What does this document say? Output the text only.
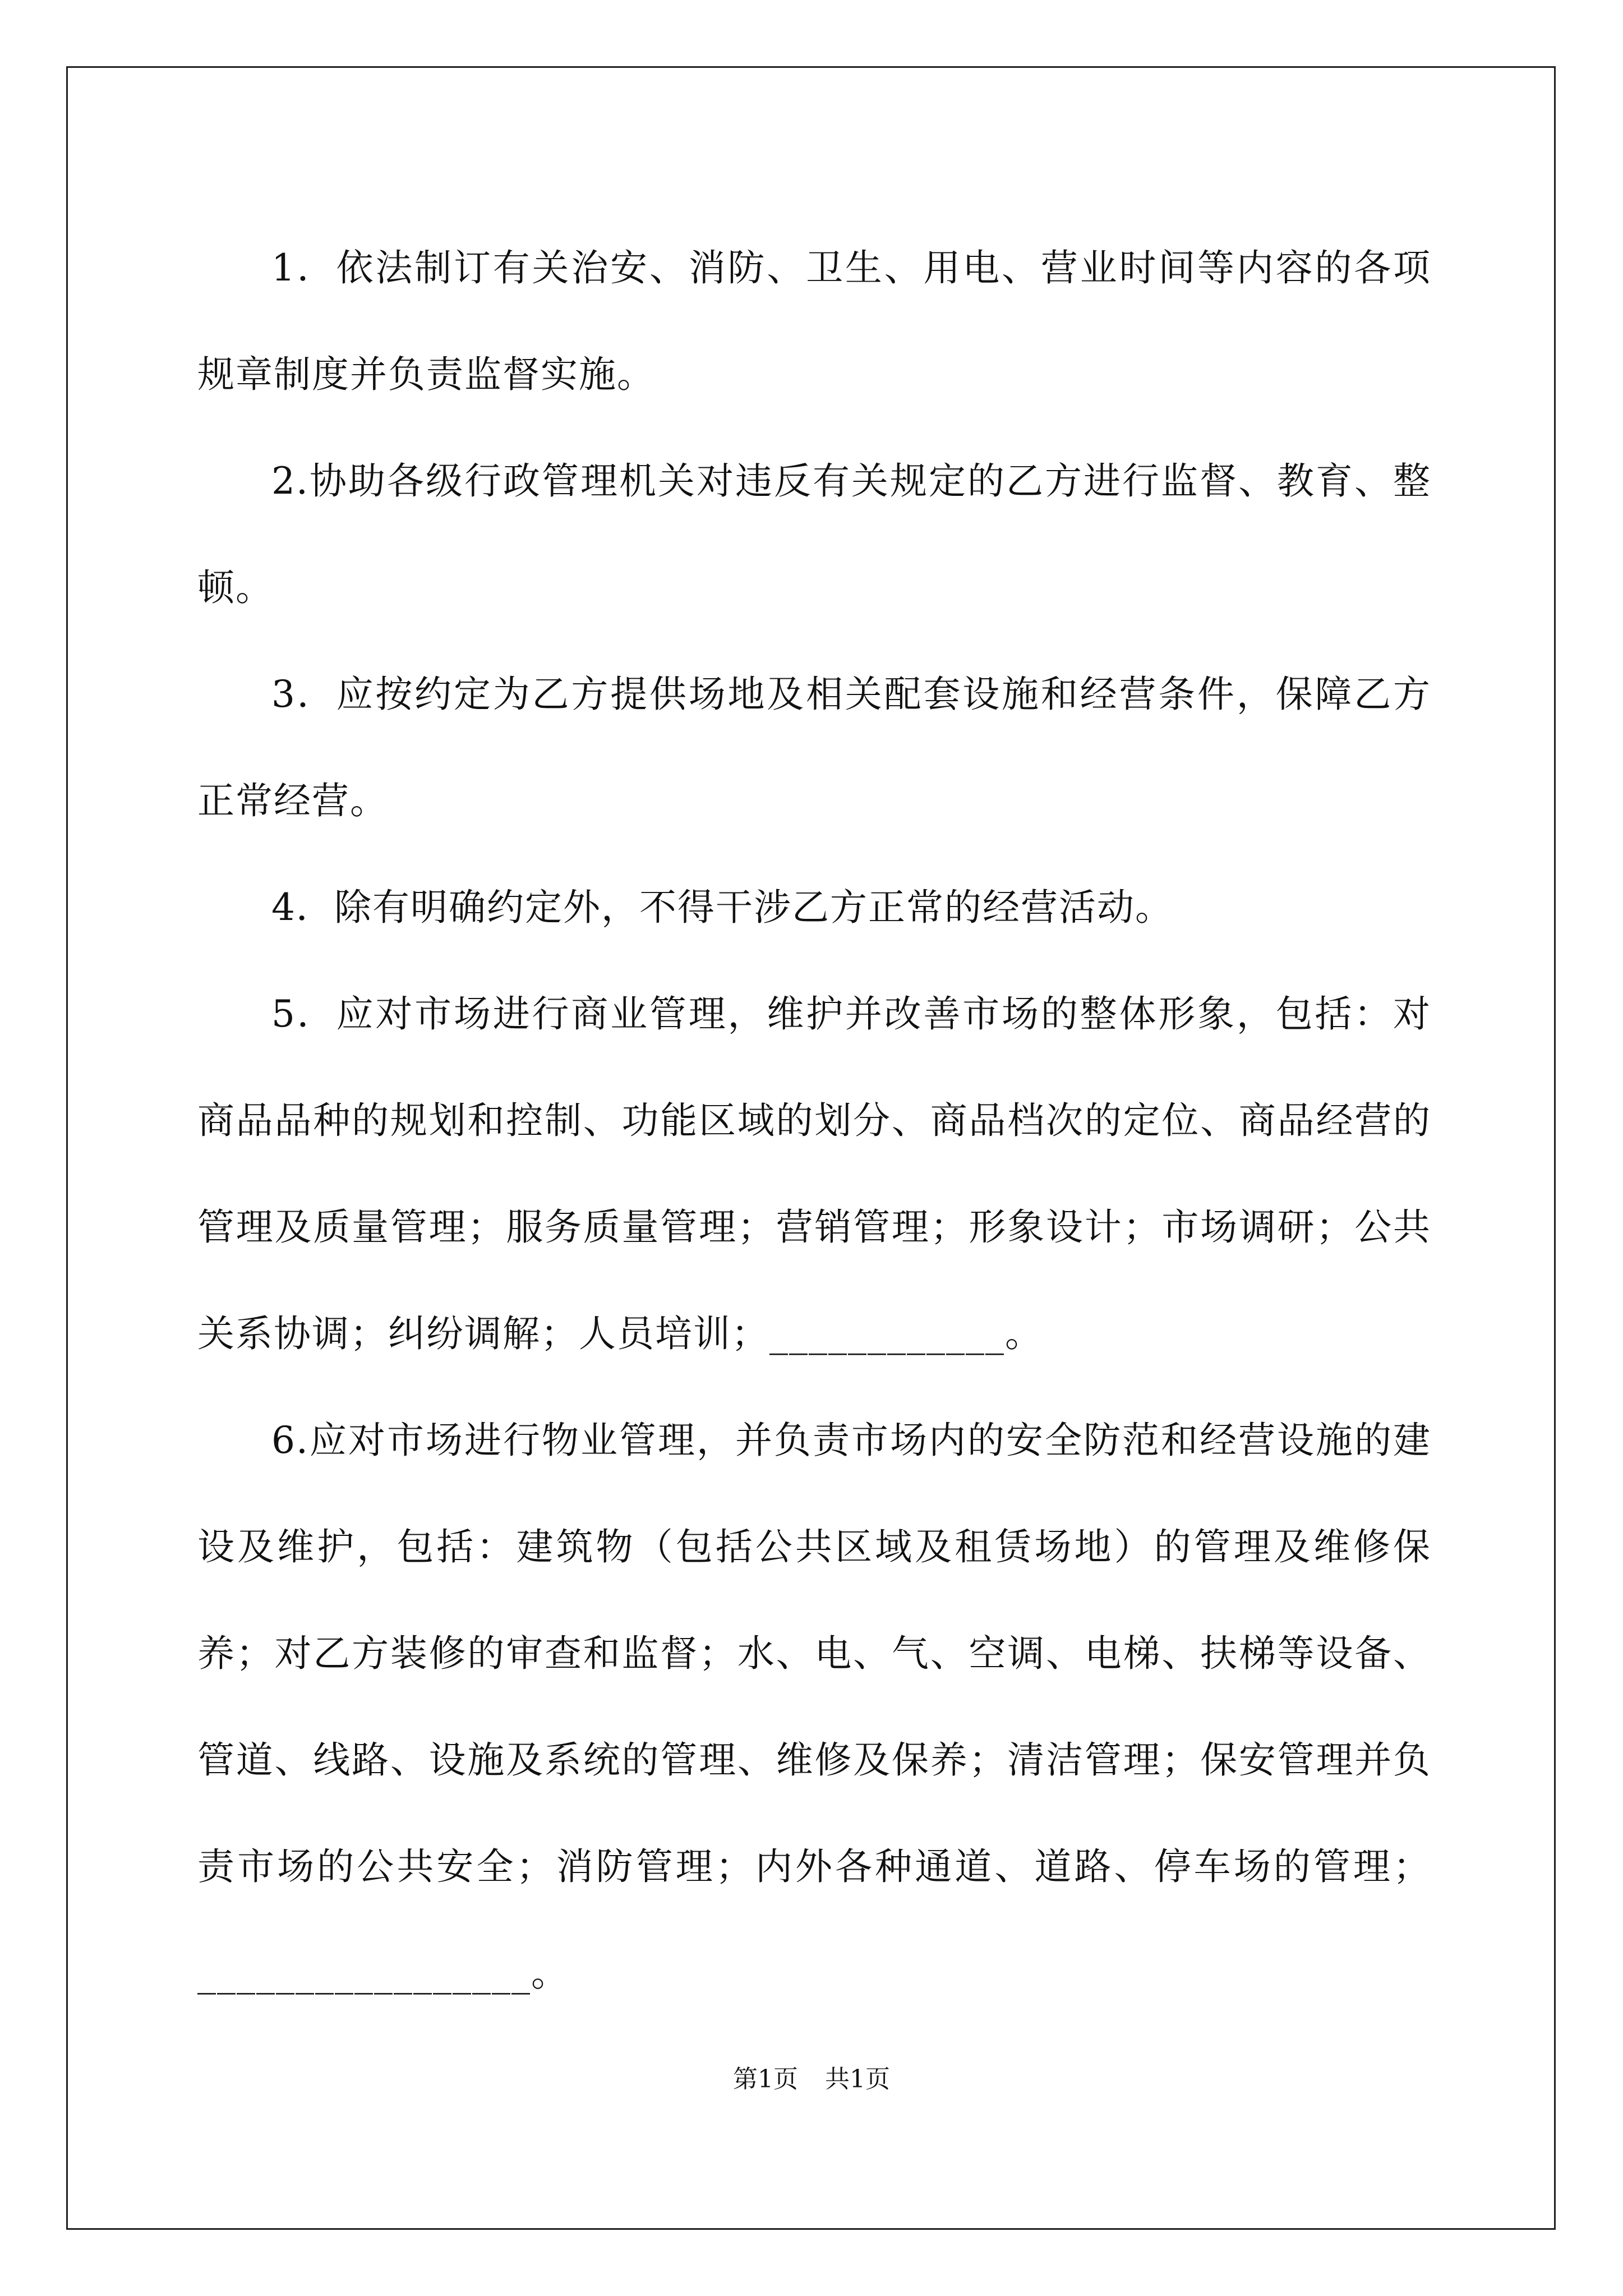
1．依法制订有关治安、消防、卫生、用电、营业时间等内容的各项规章制度并负责监督实施。

2.协助各级行政管理机关对违反有关规定的乙方进行监督、教育、整顿。

3．应按约定为乙方提供场地及相关配套设施和经营条件，保障乙方正常经营。

4．除有明确约定外，不得干涉乙方正常的经营活动。

5．应对市场进行商业管理，维护并改善市场的整体形象，包括：对商品品种的规划和控制、功能区域的划分、商品档次的定位、商品经营的管理及质量管理；服务质量管理；营销管理；形象设计；市场调研；公共关系协调；纠纷调解；人员培训；____________。

6.应对市场进行物业管理，并负责市场内的安全防范和经营设施的建设及维护，包括：建筑物（包括公共区域及租赁场地）的管理及维修保养；对乙方装修的审查和监督；水、电、气、空调、电梯、扶梯等设备、管道、线路、设施及系统的管理、维修及保养；清洁管理；保安管理并负责市场的公共安全；消防管理；内外各种通道、道路、停车场的管理；_________________。

第1页 共1页
